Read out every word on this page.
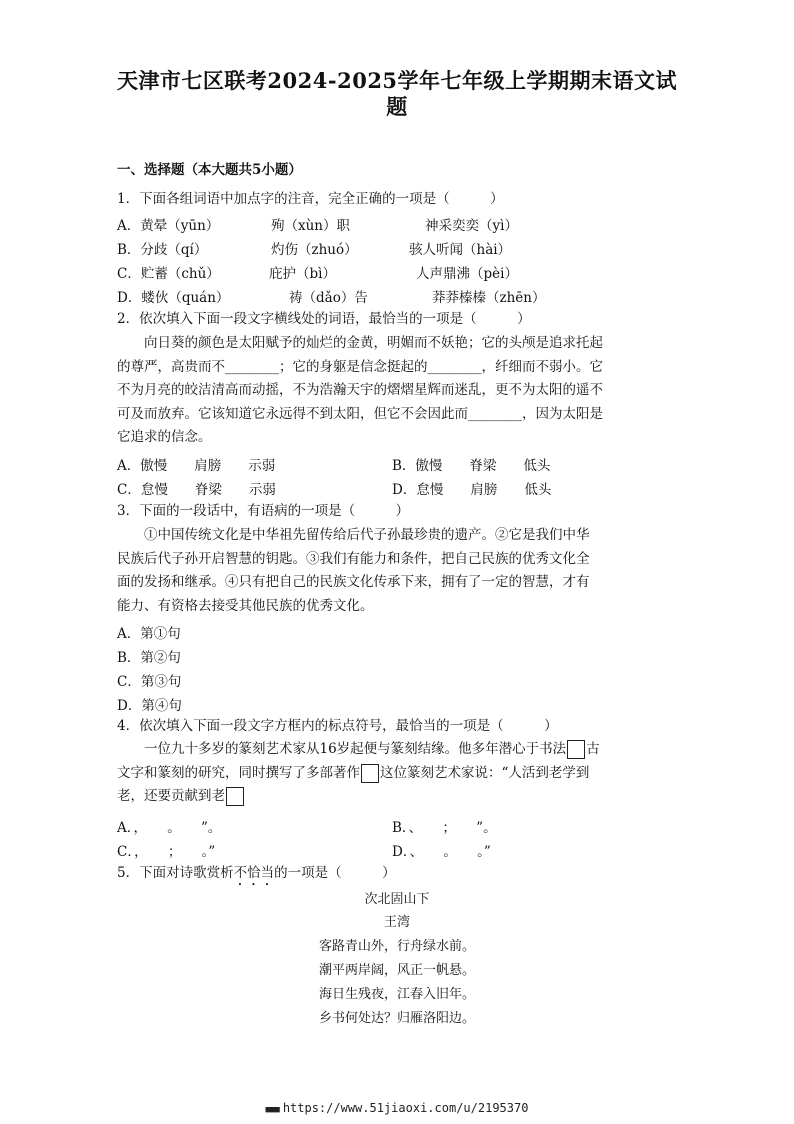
天津市七区联考2024-2025学年七年级上学期期末语文试
题
一、选择题（本大题共5小题）
1．下面各组词语中加点字的注音，完全正确的一项是（　　　）
A．黄晕（yūn）	殉（xùn）职	神采奕奕（yì）
B．分歧（qí）	灼伤（zhuó）	骇人听闻（hài）
C．贮蓄（chǔ）	庇护（bì）	人声鼎沸（pèi）
D．蝼伙（quán）	祷（dǎo）告	莽莽榛榛（zhēn）
2．依次填入下面一段文字横线处的词语，最恰当的一项是（　　　）

向日葵的颜色是太阳赋予的灿烂的金黄，明媚而不妖艳；它的头颅是追求托起

的尊严，高贵而不________；它的身躯是信念挺起的________，纤细而不弱小。它

不为月亮的皎洁清高而动摇，不为浩瀚天宇的熠熠星辉而迷乱，更不为太阳的遥不

可及而放弃。它该知道它永远得不到太阳，但它不会因此而________，因为太阳是

它追求的信念。

A．傲慢　　肩膀　　示弱	B．傲慢　　脊梁　　低头
C．怠慢　　脊梁　　示弱	D．怠慢　　肩膀　　低头
3．下面的一段话中，有语病的一项是（　　　）

①中国传统文化是中华祖先留传给后代子孙最珍贵的遗产。②它是我们中华

民族后代子孙开启智慧的钥匙。③我们有能力和条件，把自己民族的优秀文化全

面的发扬和继承。④只有把自己的民族文化传承下来，拥有了一定的智慧，才有

能力、有资格去接受其他民族的优秀文化。

A．第①句
B．第②句
C．第③句
D．第④句
4．依次填入下面一段文字方框内的标点符号，最恰当的一项是（　　　）

一位九十多岁的篆刻艺术家从16岁起便与篆刻结缘。他多年潜心于书法 古

文字和篆刻的研究，同时撰写了多部著作 这位篆刻艺术家说：“人活到老学到

老，还要贡献到老

A．，　　。　　”。	B．、　　；　　”。
C．，　　；　　。”	D．、　　。　　。”
5．下面对诗歌赏析不恰当的一项是（　　　）
次北固山下
王湾
客路青山外，行舟绿水前。
潮平两岸阔，风正一帆悬。
海日生残夜，江春入旧年。
乡书何处达？归雁洛阳边。
■■■ https://www.51jiaoxi.com/u/2195370
